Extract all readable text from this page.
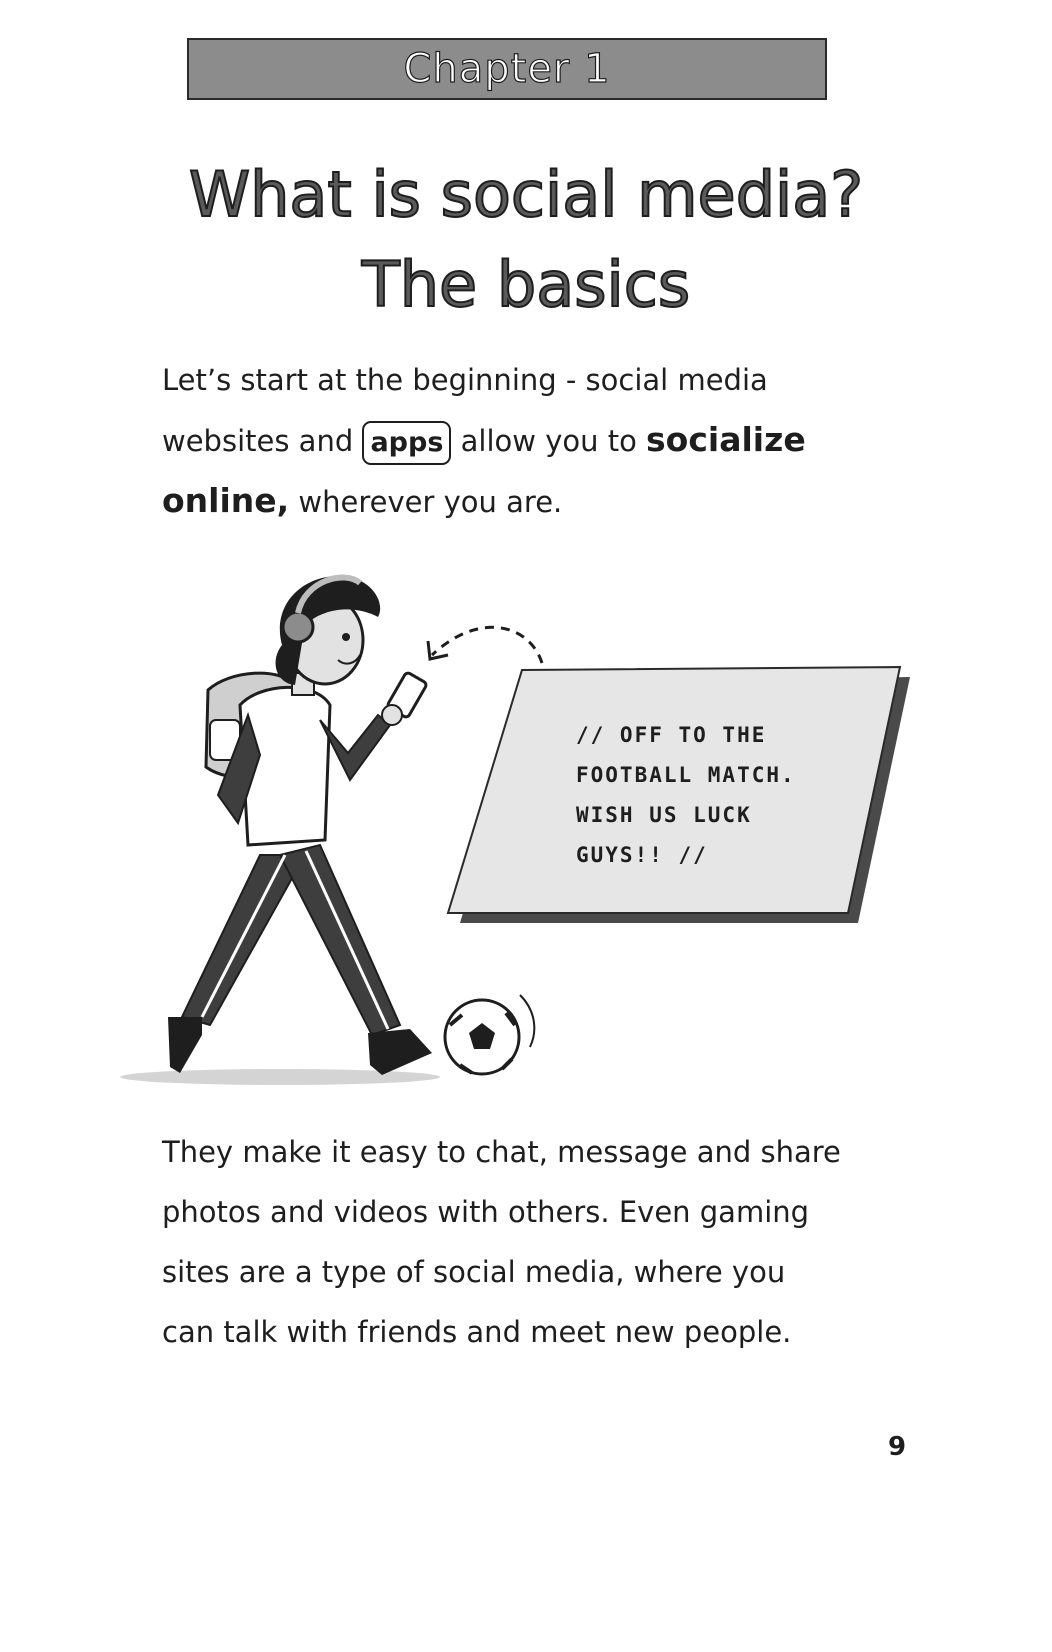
Chapter 1
What is social media?
The basics
Let’s start at the beginning - social media
websites and apps allow you to socialize
online, wherever you are.
// OFF TO THE
FOOTBALL MATCH.
WISH US LUCK
GUYS!! //
They make it easy to chat, message and share
photos and videos with others. Even gaming
sites are a type of social media, where you
can talk with friends and meet new people.
9
